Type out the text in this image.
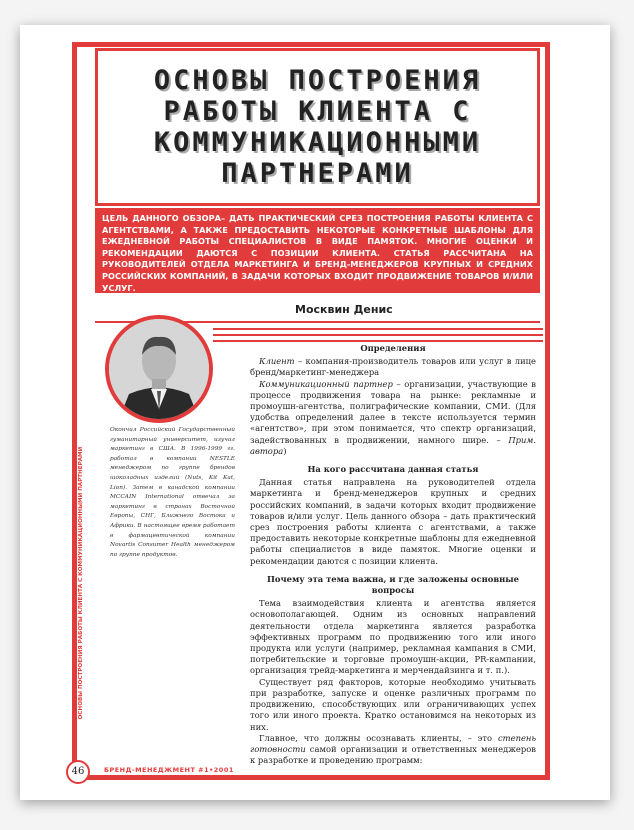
ОСНОВЫ ПОСТРОЕНИЯ РАБОТЫ КЛИЕНТА С КОММУНИКАЦИОННЫМИ ПАРТНЕРАМИ
ЦЕЛЬ ДАННОГО ОБЗОРА– ДАТЬ ПРАКТИЧЕСКИЙ СРЕЗ ПОСТРОЕНИЯ РАБОТЫ КЛИЕНТА С АГЕНТСТВАМИ, А ТАКЖЕ ПРЕДОСТАВИТЬ НЕКОТОРЫЕ КОНКРЕТНЫЕ ШАБЛОНЫ ДЛЯ ЕЖЕДНЕВНОЙ РАБОТЫ СПЕЦИАЛИСТОВ В ВИДЕ ПАМЯТОК. МНОГИЕ ОЦЕНКИ И РЕКОМЕНДАЦИИ ДАЮТСЯ С ПОЗИЦИИ КЛИЕНТА. СТАТЬЯ РАССЧИТАНА НА РУКОВОДИТЕЛЕЙ ОТДЕЛА МАРКЕТИНГА И БРЕНД-МЕНЕДЖЕРОВ КРУПНЫХ И СРЕДНИХ РОССИЙСКИХ КОМПАНИЙ, В ЗАДАЧИ КОТОРЫХ ВХОДИТ ПРОДВИЖЕНИЕ ТОВАРОВ И/ИЛИ УСЛУГ.
Москвин Денис
Окончил Российский Государственный гуманитарный университет, изучал маркетинг в США. В 1996-1999 гг. работал в компании NESTLE менеджером по группе брендов шоколадных изделий (Nuts, Kit Kat, Lion). Затем в канадской компании MCCAIN International отвечал за маркетинг в странах Восточной Европы, СНГ, Ближнего Востока и Африки. В настоящее время работает в фармацевтической компании Novartis Consumer Health менеджером по группе продуктов.
Определения

Клиент – компания-производитель товаров или услуг в лице бренд/маркетинг-менеджера

Коммуникационный партнер – организации, участвующие в процессе продвижения товара на рынке: рекламные и промоушн-агентства, полиграфические компании, СМИ. (Для удобства определений далее в тексте используется термин «агентство», при этом понимается, что спектр организаций, задействованных в продвижении, намного шире. – Прим. автора)

На кого рассчитана данная статья

Данная статья направлена на руководителей отдела маркетинга и бренд-менеджеров крупных и средних российских компаний, в задачи которых входит продвижение товаров и/или услуг. Цель данного обзора – дать практический срез построения работы клиента с агентствами, а также предоставить некоторые конкретные шаблоны для ежедневной работы специалистов в виде памяток. Многие оценки и рекомендации даются с позиции клиента.

Почему эта тема важна, и где заложены основные вопросы

Тема взаимодействия клиента и агентства является основополагающей. Одним из основных направлений деятельности отдела маркетинга является разработка эффективных программ по продвижению того или иного продукта или услуги (например, рекламная кампания в СМИ, потребительские и торговые промоушн-акции, PR-кампании, организация трейд-маркетинга и мерчендайзинга и т. п.).

Существует ряд факторов, которые необходимо учитывать при разработке, запуске и оценке различных программ по продвижению, способствующих или ограничивающих успех того или иного проекта. Кратко остановимся на некоторых из них.

Главное, что должны осознавать клиенты, – это степень готовности самой организации и ответственных менеджеров к разработке и проведению программ:

ОСНОВЫ ПОСТРОЕНИЯ РАБОТЫ КЛИЕНТА С КОММУНИКАЦИОННЫМИ ПАРТНЕРАМИ
46	БРЕНД-МЕНЕДЖМЕНТ #1•2001
